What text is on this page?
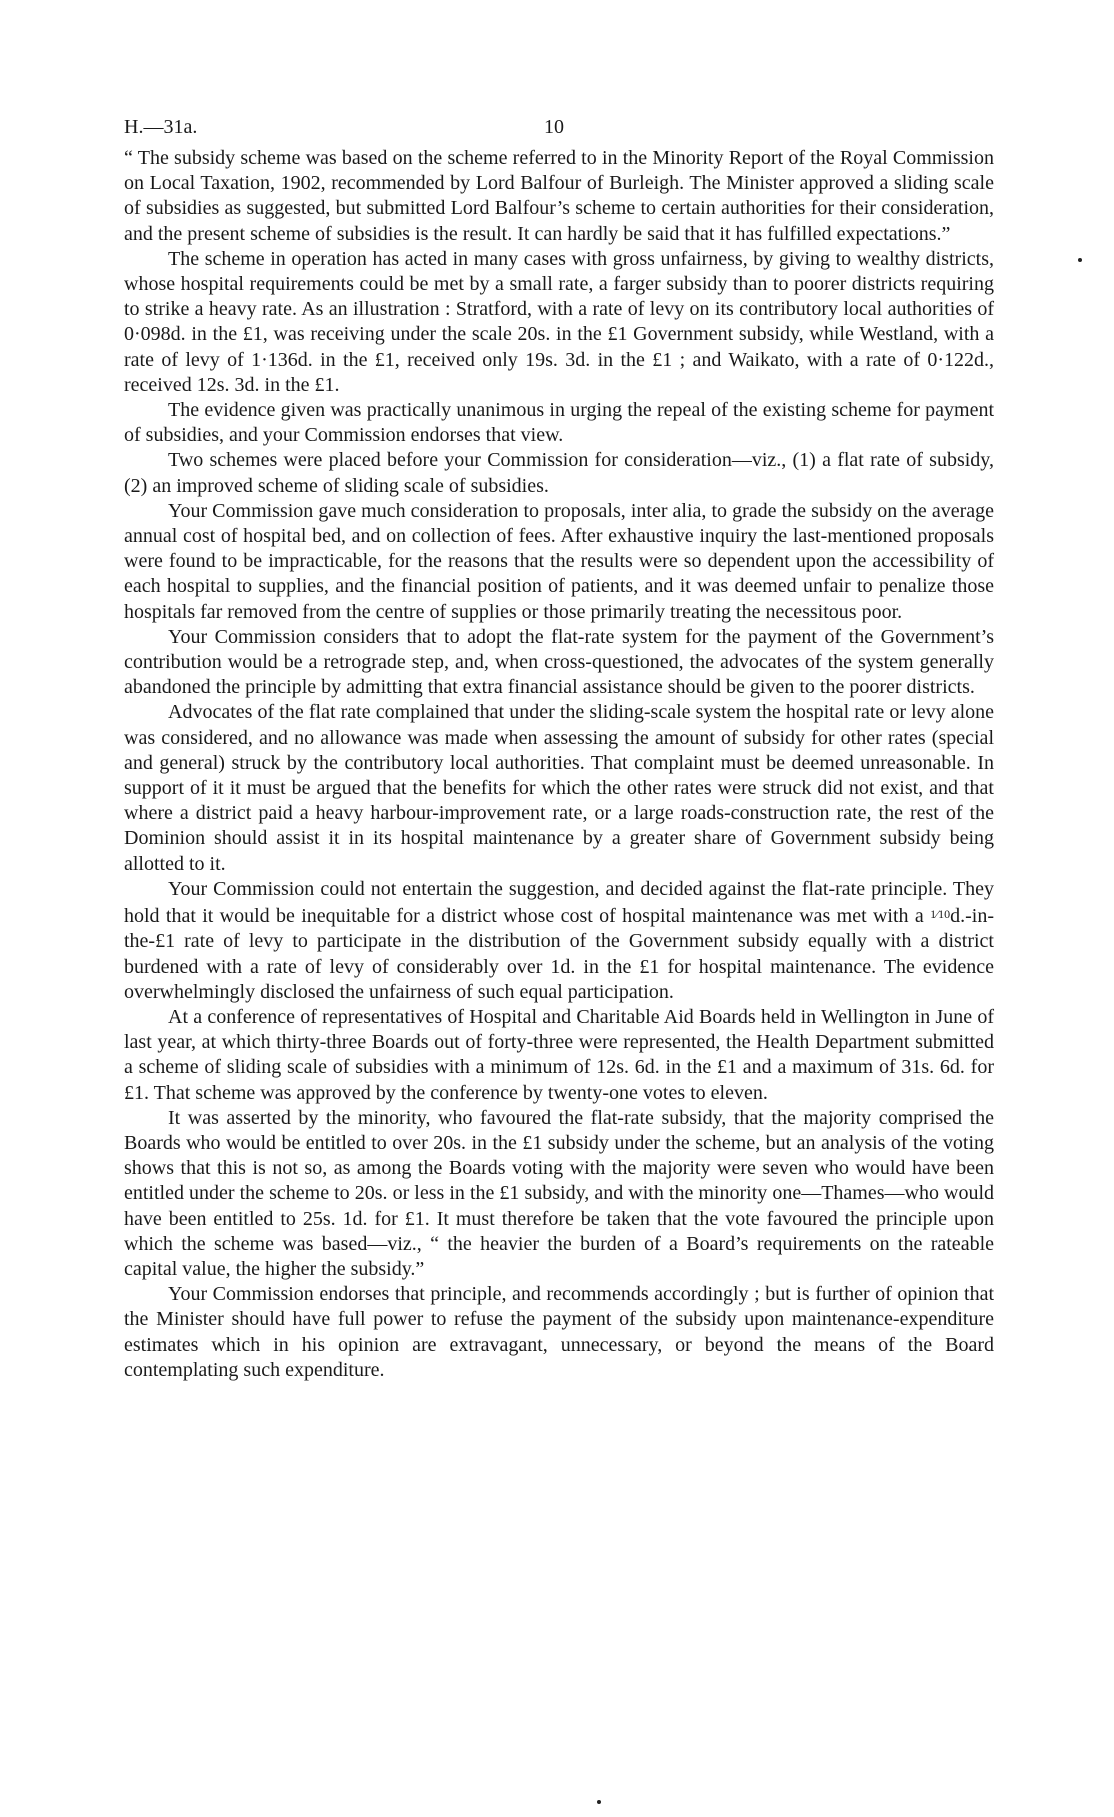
H.—31a.	10

“ The subsidy scheme was based on the scheme referred to in the Minority Report of the Royal Commission on Local Taxation, 1902, recommended by Lord Balfour of Burleigh. The Minister approved a sliding scale of subsidies as suggested, but submitted Lord Balfour’s scheme to certain authorities for their consideration, and the present scheme of subsidies is the result. It can hardly be said that it has fulfilled expectations.”

The scheme in operation has acted in many cases with gross unfairness, by giving to wealthy districts, whose hospital requirements could be met by a small rate, a farger subsidy than to poorer districts requiring to strike a heavy rate. As an illustration : Stratford, with a rate of levy on its contributory local authorities of 0·098d. in the £1, was receiving under the scale 20s. in the £1 Government subsidy, while Westland, with a rate of levy of 1·136d. in the £1, received only 19s. 3d. in the £1 ; and Waikato, with a rate of 0·122d., received 12s. 3d. in the £1.

The evidence given was practically unanimous in urging the repeal of the existing scheme for payment of subsidies, and your Commission endorses that view.

Two schemes were placed before your Commission for consideration—viz., (1) a flat rate of subsidy, (2) an improved scheme of sliding scale of subsidies.

Your Commission gave much consideration to proposals, inter alia, to grade the subsidy on the average annual cost of hospital bed, and on collection of fees. After exhaustive inquiry the last-mentioned proposals were found to be impracticable, for the reasons that the results were so dependent upon the accessibility of each hospital to supplies, and the financial position of patients, and it was deemed unfair to penalize those hospitals far removed from the centre of supplies or those primarily treating the necessitous poor.

Your Commission considers that to adopt the flat-rate system for the payment of the Government’s contribution would be a retrograde step, and, when cross-questioned, the advocates of the system generally abandoned the principle by admitting that extra financial assistance should be given to the poorer districts.

Advocates of the flat rate complained that under the sliding-scale system the hospital rate or levy alone was considered, and no allowance was made when assessing the amount of subsidy for other rates (special and general) struck by the contributory local authorities. That complaint must be deemed unreasonable. In support of it it must be argued that the benefits for which the other rates were struck did not exist, and that where a district paid a heavy harbour-improvement rate, or a large roads-construction rate, the rest of the Dominion should assist it in its hospital maintenance by a greater share of Government subsidy being allotted to it.

Your Commission could not entertain the suggestion, and decided against the flat-rate principle. They hold that it would be inequitable for a district whose cost of hospital maintenance was met with a $^{1⁄10}$d.-in-the-£1 rate of levy to participate in the distribution of the Government subsidy equally with a district burdened with a rate of levy of considerably over 1d. in the £1 for hospital maintenance. The evidence overwhelmingly disclosed the unfairness of such equal participation.

At a conference of representatives of Hospital and Charitable Aid Boards held in Wellington in June of last year, at which thirty-three Boards out of forty-three were represented, the Health Department submitted a scheme of sliding scale of subsidies with a minimum of 12s. 6d. in the £1 and a maximum of 31s. 6d. for £1. That scheme was approved by the conference by twenty-one votes to eleven.

It was asserted by the minority, who favoured the flat-rate subsidy, that the majority comprised the Boards who would be entitled to over 20s. in the £1 subsidy under the scheme, but an analysis of the voting shows that this is not so, as among the Boards voting with the majority were seven who would have been entitled under the scheme to 20s. or less in the £1 subsidy, and with the minority one—Thames—who would have been entitled to 25s. 1d. for £1. It must therefore be taken that the vote favoured the principle upon which the scheme was based—viz., “ the heavier the burden of a Board’s requirements on the rateable capital value, the higher the subsidy.”

Your Commission endorses that principle, and recommends accordingly ; but is further of opinion that the Minister should have full power to refuse the payment of the subsidy upon maintenance-expenditure estimates which in his opinion are extravagant, unnecessary, or beyond the means of the Board contemplating such expenditure.
